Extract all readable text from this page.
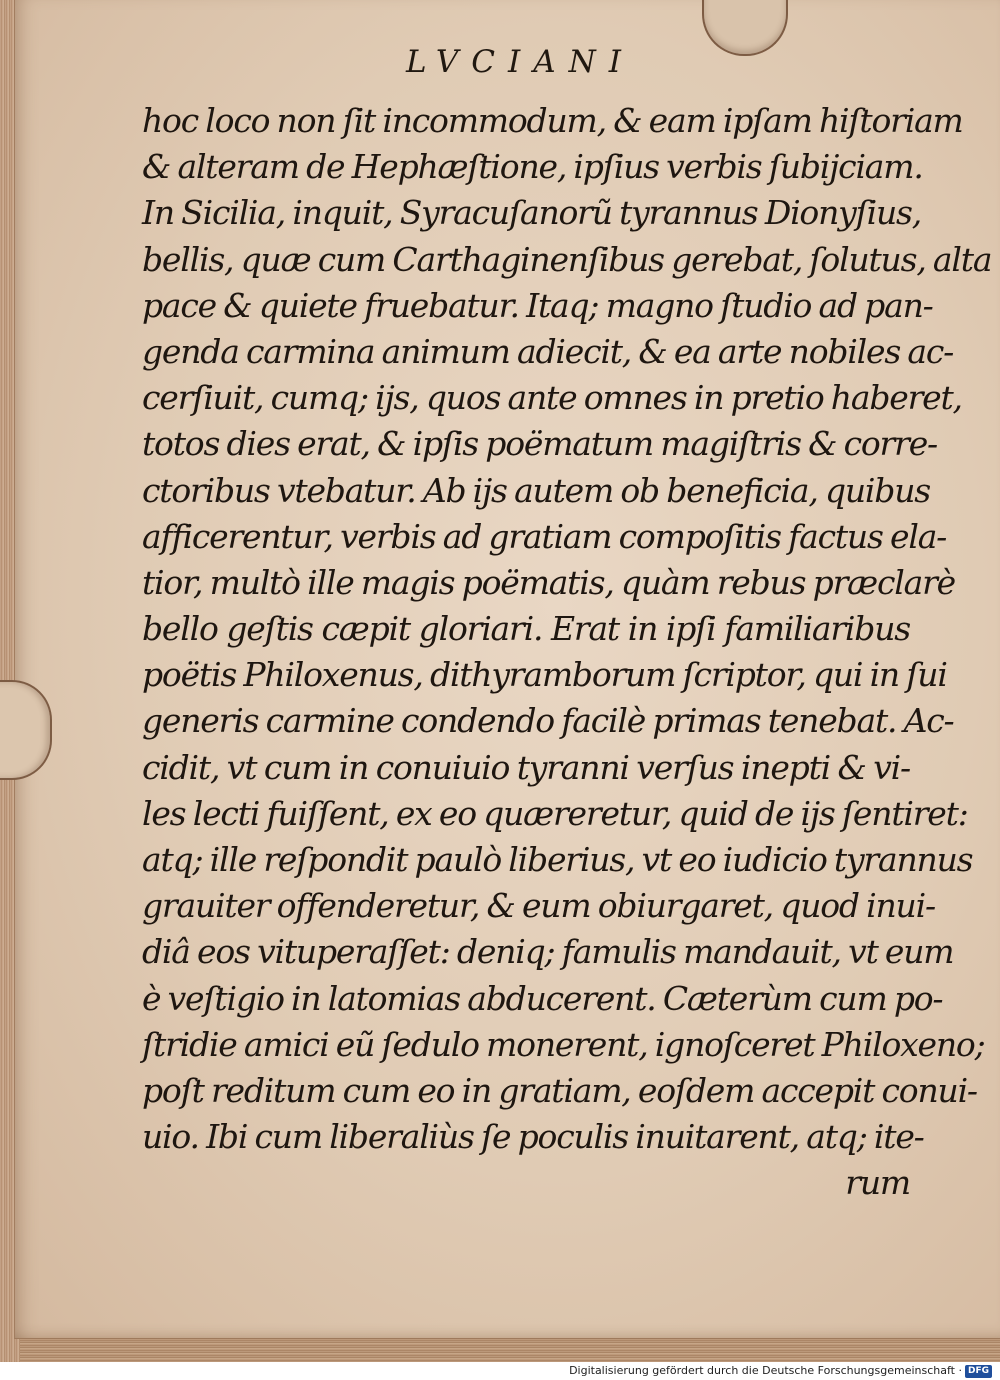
LVCIANI
hoc loco non ſit incommodum, & eam ipſam hiſtoriam
& alteram de Hephæſtione, ipſius verbis ſubijciam.
In Sicilia, inquit, Syracuſanorũ tyrannus Dionyſius,
bellis, quæ cum Carthaginenſibus gerebat, ſolutus, alta
pace & quiete fruebatur. Itaq; magno ſtudio ad pan-
genda carmina animum adiecit, & ea arte nobiles ac-
cerſiuit, cumq; ijs, quos ante omnes in pretio haberet,
totos dies erat, & ipſis poëmatum magiſtris & corre-
ctoribus vtebatur. Ab ijs autem ob beneficia, quibus
afficerentur, verbis ad gratiam compoſitis factus ela-
tior, multò ille magis poëmatis, quàm rebus præclarè
bello geſtis cæpit gloriari. Erat in ipſi familiaribus
poëtis Philoxenus, dithyramborum ſcriptor, qui in ſui
generis carmine condendo facilè primas tenebat. Ac-
cidit, vt cum in conuiuio tyranni verſus inepti & vi-
les lecti fuiſſent, ex eo quæreretur, quid de ijs ſentiret:
atq; ille reſpondit paulò liberius, vt eo iudicio tyrannus
grauiter offenderetur, & eum obiurgaret, quod inui-
diâ eos vituperaſſet: deniq; famulis mandauit, vt eum
è veſtigio in latomias abducerent. Cæterùm cum po-
ſtridie amici eũ ſedulo monerent, ignoſceret Philoxeno;
poſt reditum cum eo in gratiam, eoſdem accepit conui-
uio. Ibi cum liberaliùs ſe poculis inuitarent, atq; ite-
rum
Digitalisierung gefördert durch die Deutsche Forschungsgemeinschaft · DFG
